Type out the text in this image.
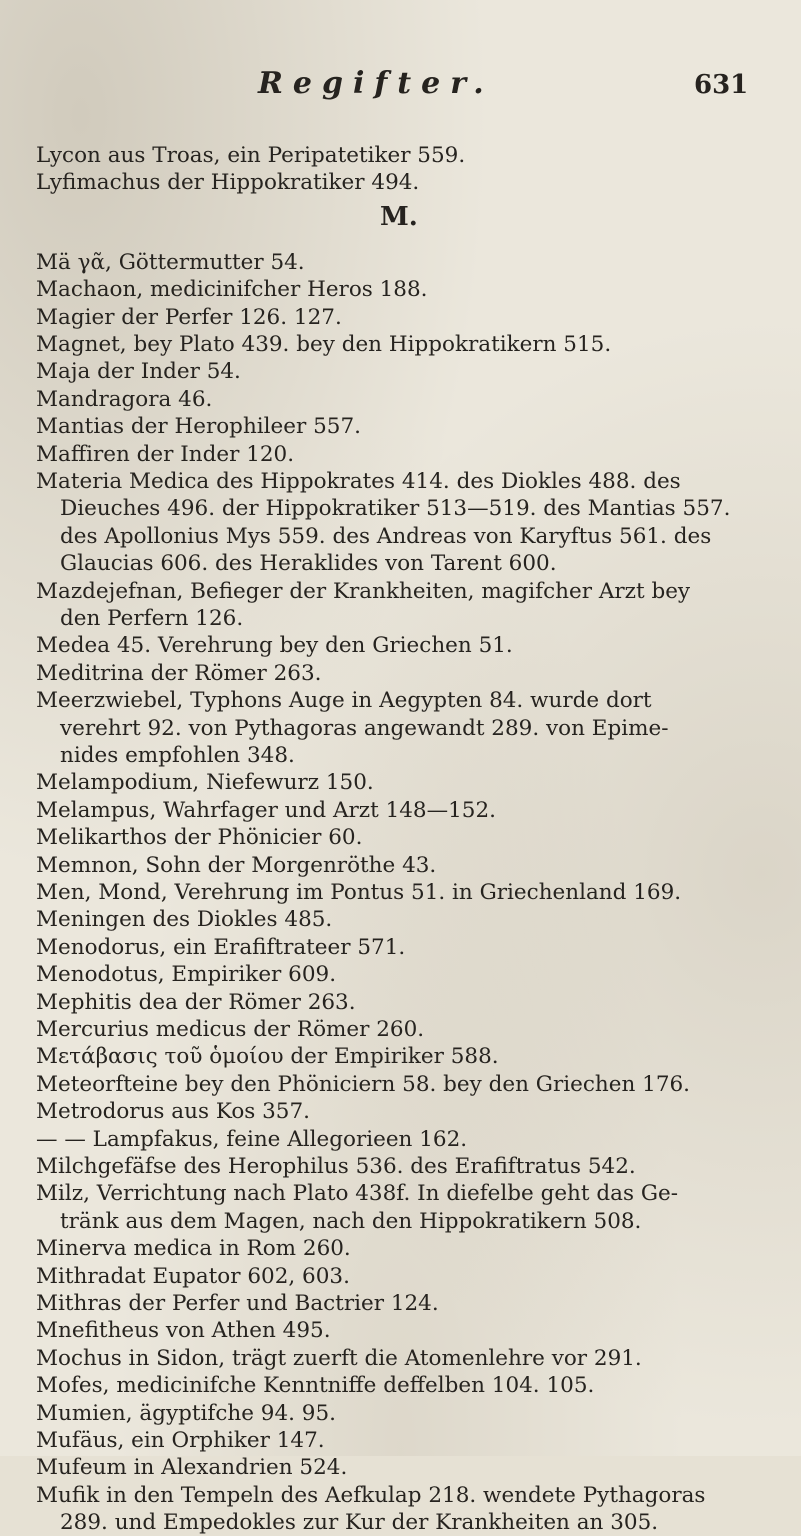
Regifter.	631
Lycon aus Troas, ein Peripatetiker 559.
Lyfimachus der Hippokratiker 494.
M.
Mä γᾶ, Göttermutter 54.
Machaon, medicinifcher Heros 188.
Magier der Perfer 126. 127.
Magnet, bey Plato 439. bey den Hippokratikern 515.
Maja der Inder 54.
Mandragora 46.
Mantias der Herophileer 557.
Maffiren der Inder 120.
Materia Medica des Hippokrates 414. des Diokles 488. des
Dieuches 496. der Hippokratiker 513—519. des Mantias 557.
des Apollonius Mys 559. des Andreas von Karyftus 561. des
Glaucias 606. des Heraklides von Tarent 600.
Mazdejefnan, Befieger der Krankheiten, magifcher Arzt bey
den Perfern 126.
Medea 45. Verehrung bey den Griechen 51.
Meditrina der Römer 263.
Meerzwiebel, Typhons Auge in Aegypten 84. wurde dort
verehrt 92. von Pythagoras angewandt 289. von Epime-
nides empfohlen 348.
Melampodium, Niefewurz 150.
Melampus, Wahrfager und Arzt 148—152.
Melikarthos der Phönicier 60.
Memnon, Sohn der Morgenröthe 43.
Men, Mond, Verehrung im Pontus 51. in Griechenland 169.
Meningen des Diokles 485.
Menodorus, ein Erafiftrateer 571.
Menodotus, Empiriker 609.
Mephitis dea der Römer 263.
Mercurius medicus der Römer 260.
Μετάβασις τοῦ ὁμοίου der Empiriker 588.
Meteorfteine bey den Phöniciern 58. bey den Griechen 176.
Metrodorus aus Kos 357.
— — Lampfakus, feine Allegorieen 162.
Milchgefäfse des Herophilus 536. des Erafiftratus 542.
Milz, Verrichtung nach Plato 438f. In diefelbe geht das Ge-
tränk aus dem Magen, nach den Hippokratikern 508.
Minerva medica in Rom 260.
Mithradat Eupator 602, 603.
Mithras der Perfer und Bactrier 124.
Mnefitheus von Athen 495.
Mochus in Sidon, trägt zuerft die Atomenlehre vor 291.
Mofes, medicinifche Kenntniffe deffelben 104. 105.
Mumien, ägyptifche 94. 95.
Mufäus, ein Orphiker 147.
Mufeum in Alexandrien 524.
Mufik in den Tempeln des Aefkulap 218. wendete Pythagoras
289. und Empedokles zur Kur der Krankheiten an 305.
